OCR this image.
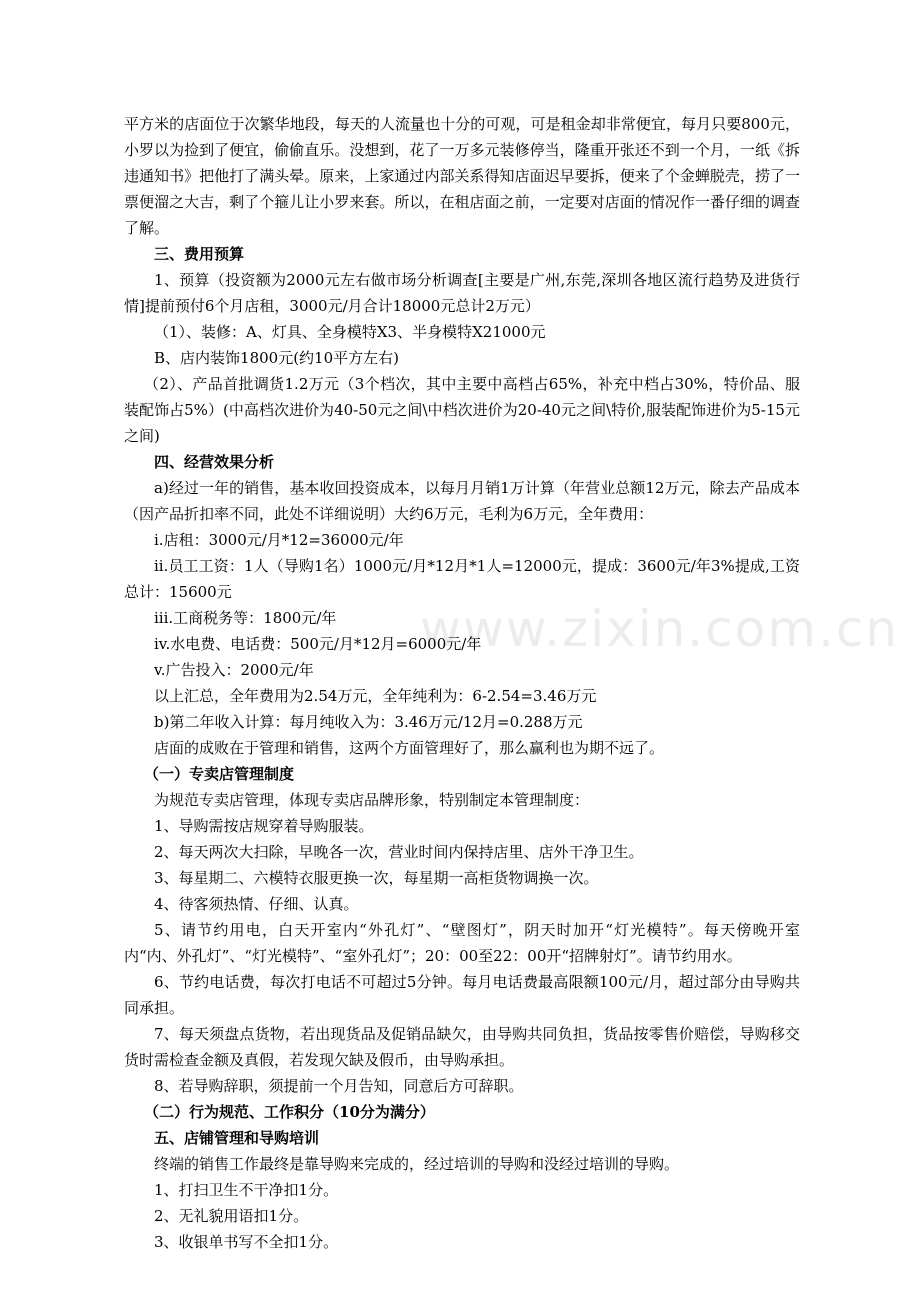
平方米的店面位于次繁华地段，每天的人流量也十分的可观，可是租金却非常便宜，每月只要800元，小罗以为捡到了便宜，偷偷直乐。没想到，花了一万多元装修停当，隆重开张还不到一个月，一纸《拆违通知书》把他打了满头晕。原来，上家通过内部关系得知店面迟早要拆，便来了个金蝉脱壳，捞了一票便溜之大吉，剩了个箍儿让小罗来套。所以，在租店面之前，一定要对店面的情况作一番仔细的调查了解。

三、费用预算

1、预算（投资额为2000元左右做市场分析调查[主要是广州,东莞,深圳各地区流行趋势及进货行情]提前预付6个月店租，3000元/月合计18000元总计2万元）

（1）、装修：A、灯具、全身模特X3、半身模特X21000元

B、店内装饰1800元(约10平方左右)

（2）、产品首批调货1.2万元（3个档次，其中主要中高档占65%，补充中档占30%，特价品、服装配饰占5%）(中高档次进价为40-50元之间\中档次进价为20-40元之间\特价,服装配饰进价为5-15元之间)

四、经营效果分析

a)经过一年的销售，基本收回投资成本，以每月月销1万计算（年营业总额12万元，除去产品成本（因产品折扣率不同，此处不详细说明）大约6万元，毛利为6万元，全年费用：

i.店租：3000元/月*12=36000元/年

ii.员工工资：1人（导购1名）1000元/月*12月*1人=12000元，提成：3600元/年3%提成,工资总计：15600元

iii.工商税务等：1800元/年

iv.水电费、电话费：500元/月*12月=6000元/年

v.广告投入：2000元/年

以上汇总，全年费用为2.54万元，全年纯利为：6-2.54=3.46万元

b)第二年收入计算：每月纯收入为：3.46万元/12月=0.288万元

店面的成败在于管理和销售，这两个方面管理好了，那么赢利也为期不远了。

（一）专卖店管理制度

为规范专卖店管理，体现专卖店品牌形象，特别制定本管理制度：

1、导购需按店规穿着导购服装。

2、每天两次大扫除，早晚各一次，营业时间内保持店里、店外干净卫生。

3、每星期二、六模特衣服更换一次，每星期一高柜货物调换一次。

4、待客须热情、仔细、认真。

5、请节约用电，白天开室内“外孔灯”、“壁图灯”，阴天时加开“灯光模特”。每天傍晚开室内“内、外孔灯”、“灯光模特”、“室外孔灯”；20：00至22：00开“招牌射灯”。请节约用水。

6、节约电话费，每次打电话不可超过5分钟。每月电话费最高限额100元/月，超过部分由导购共同承担。

7、每天须盘点货物，若出现货品及促销品缺欠，由导购共同负担，货品按零售价赔偿，导购移交货时需检查金额及真假，若发现欠缺及假币，由导购承担。

8、若导购辞职，须提前一个月告知，同意后方可辞职。

（二）行为规范、工作积分（10分为满分）

五、店铺管理和导购培训

终端的销售工作最终是靠导购来完成的，经过培训的导购和没经过培训的导购。

1、打扫卫生不干净扣1分。

2、无礼貌用语扣1分。

3、收银单书写不全扣1分。

www.zixin.com.cn
